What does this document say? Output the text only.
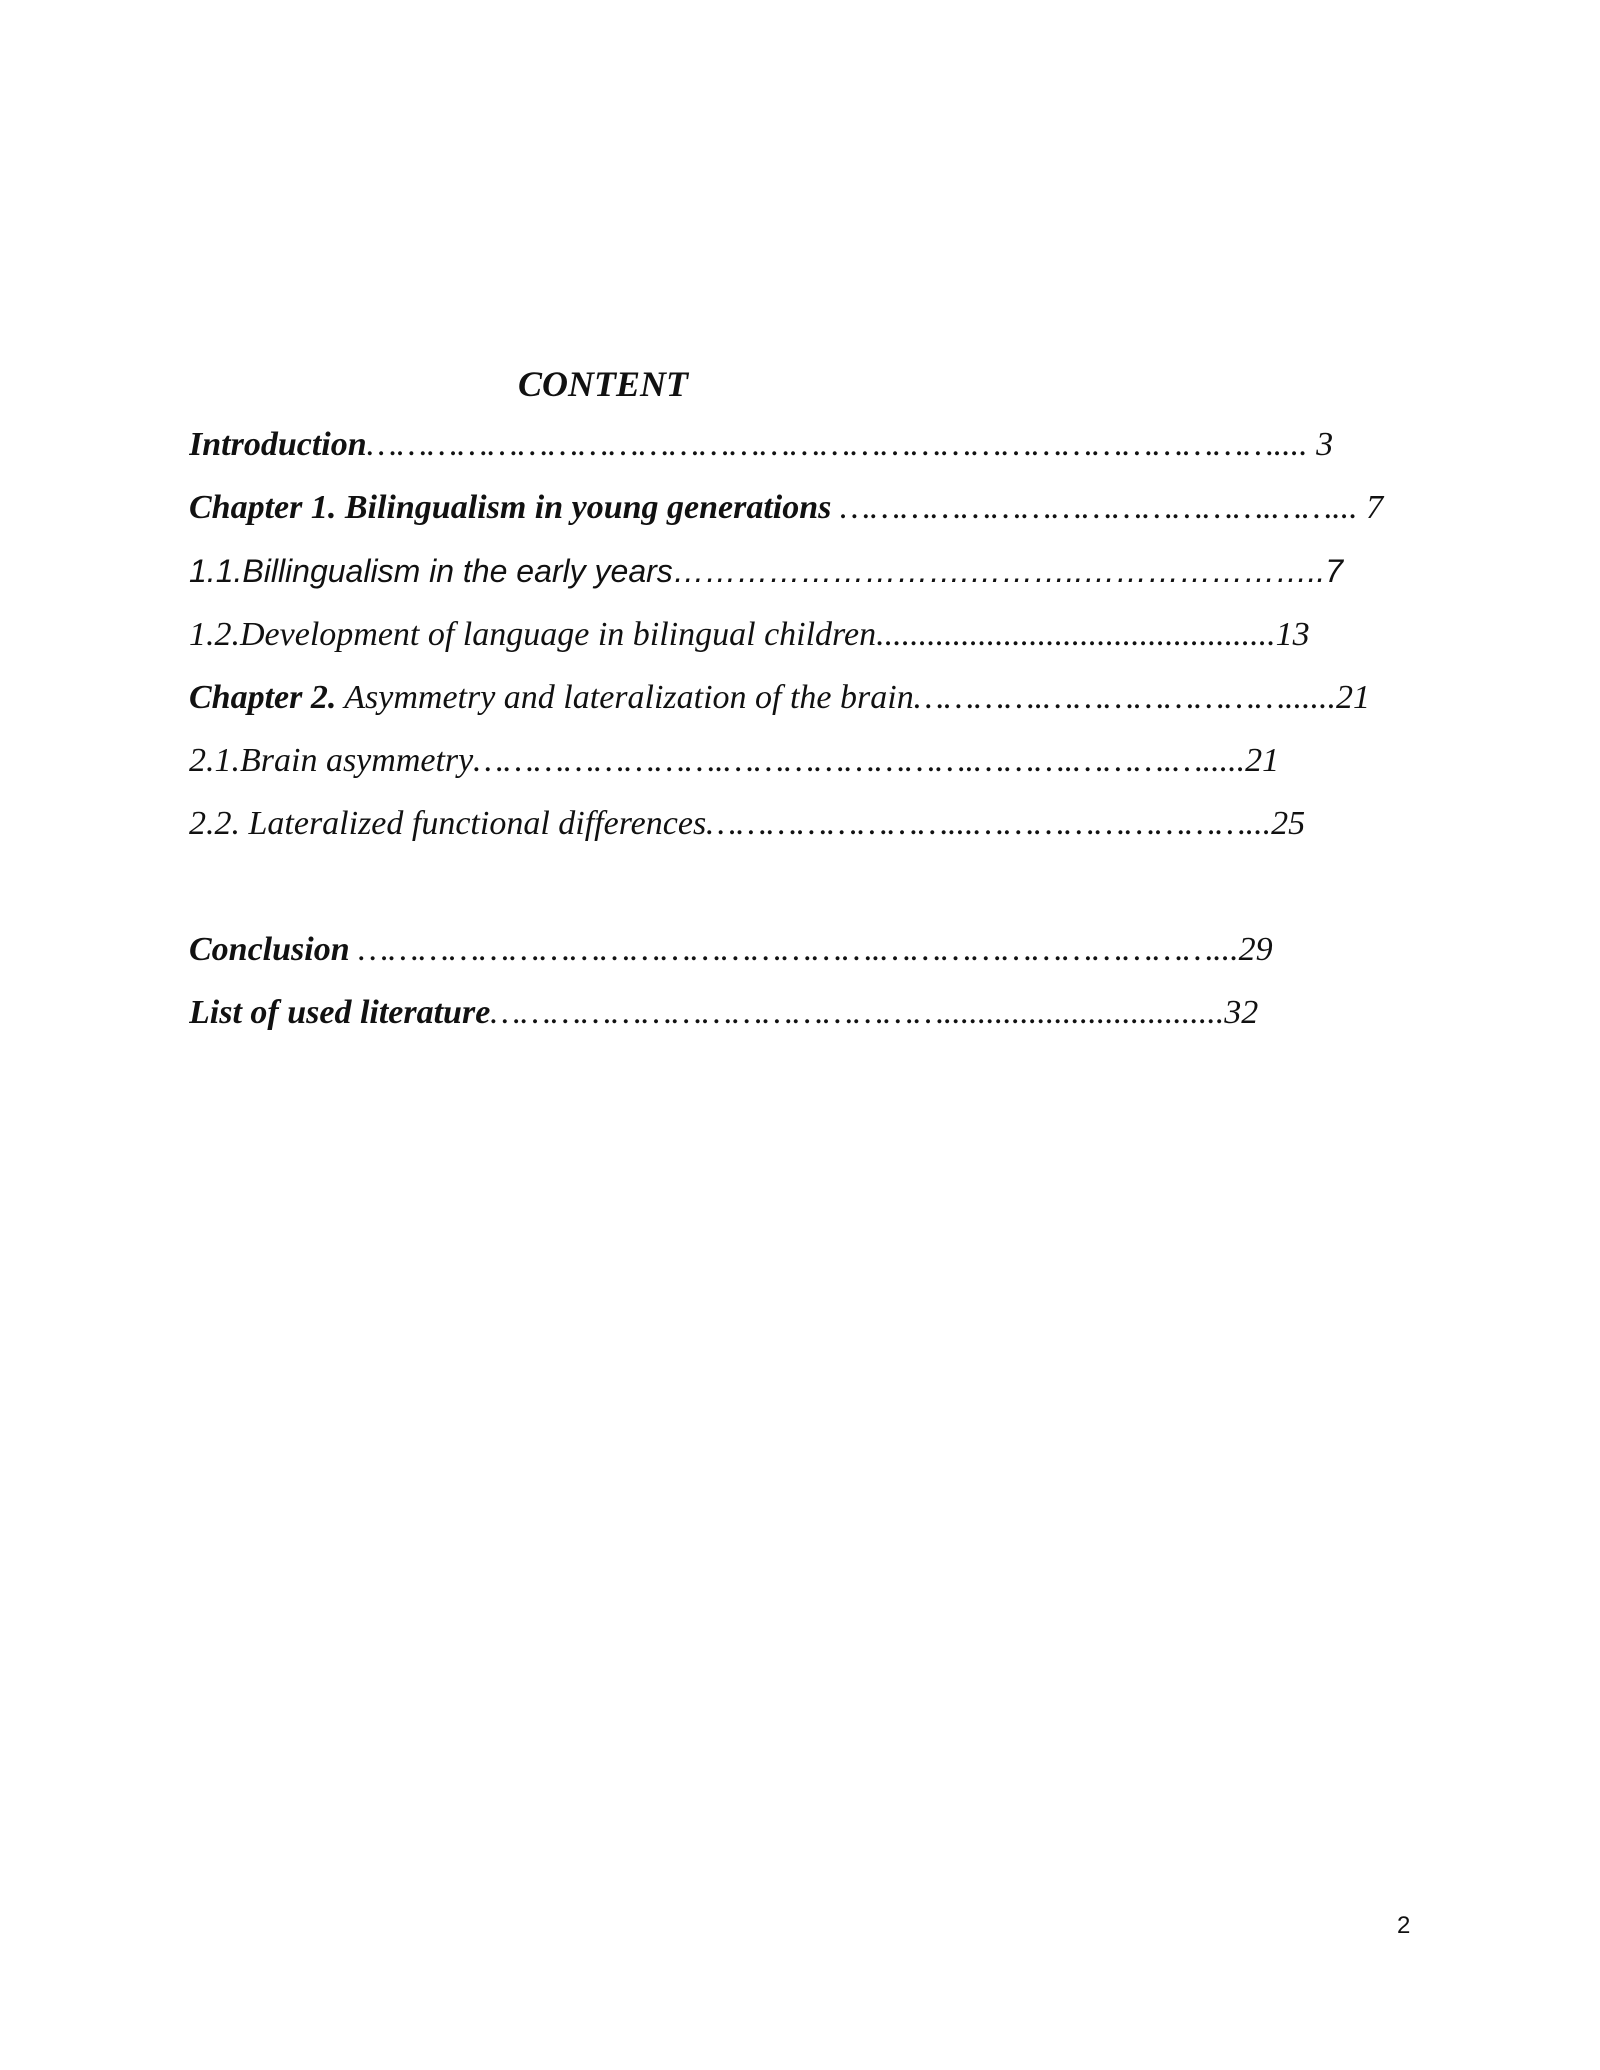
CONTENT
Introduction……………………………………………………………………………….... 3
Chapter 1. Bilingualism in young generations …………………………………….……... 7
1.1.Billingualism in the early years……………………….………..…………………..7
1.2.Development of language in bilingual children...............................................13
Chapter 2. Asymmetry and lateralization of the brain………….……………………......21
2.1.Brain asymmetry…………………….…………………….……….……….….....21
2.2. Lateralized functional differences……………………...………………………...25
Conclusion …………………………………………….……………………………...29
List of used literature……………………………………….................................32
2
